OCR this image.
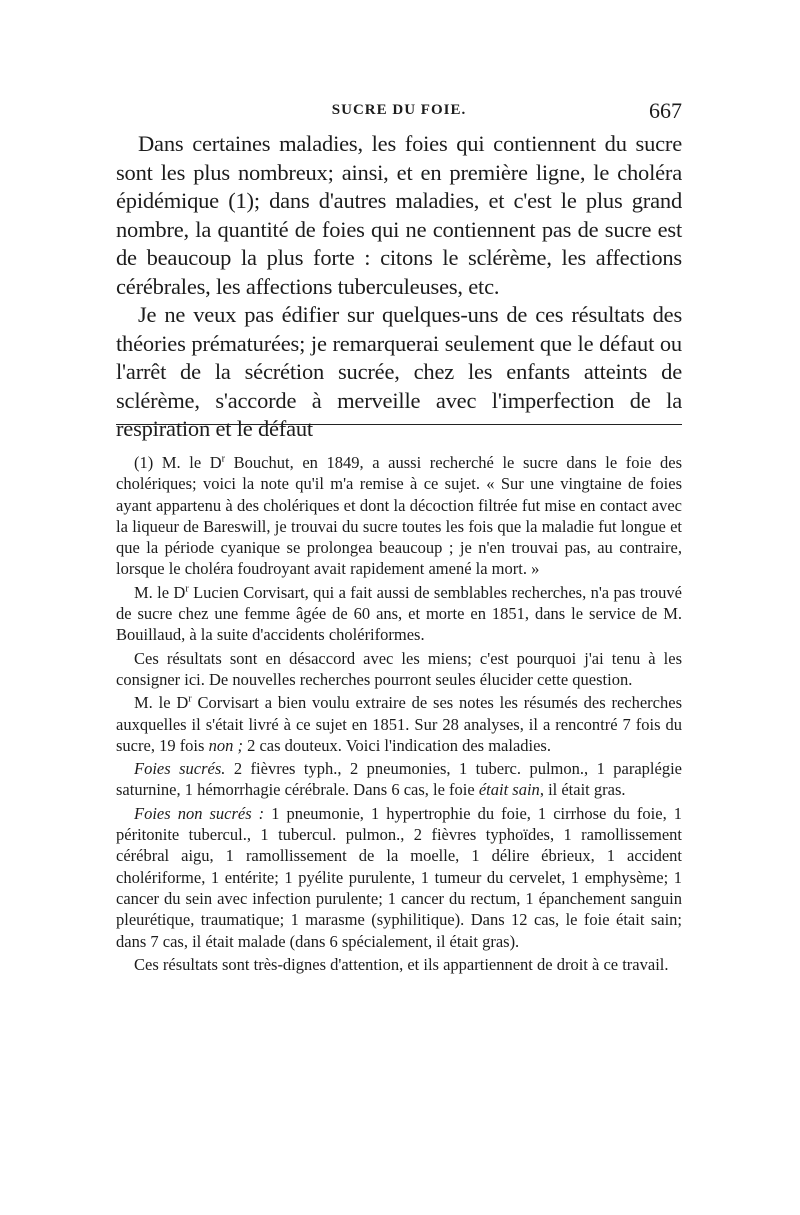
SUCRE DU FOIE.	667

Dans certaines maladies, les foies qui contiennent du sucre sont les plus nombreux; ainsi, et en première ligne, le choléra épidémique (1); dans d'autres maladies, et c'est le plus grand nombre, la quantité de foies qui ne contiennent pas de sucre est de beaucoup la plus forte : citons le sclérème, les affections cérébrales, les affections tuberculeuses, etc.

Je ne veux pas édifier sur quelques-uns de ces résultats des théories prématurées; je remarquerai seulement que le défaut ou l'arrêt de la sécrétion sucrée, chez les enfants atteints de sclérème, s'accorde à merveille avec l'imperfection de la respiration et le défaut

(1) M. le $D^r$ Bouchut, en 1849, a aussi recherché le sucre dans le foie des cholériques; voici la note qu'il m'a remise à ce sujet. « Sur une vingtaine de foies ayant appartenu à des cholériques et dont la décoction filtrée fut mise en contact avec la liqueur de Bareswill, je trouvai du sucre toutes les fois que la maladie fut longue et que la période cyanique se prolongea beaucoup ; je n'en trouvai pas, au contraire, lorsque le choléra foudroyant avait rapidement amené la mort. »

M. le $D^r$ Lucien Corvisart, qui a fait aussi de semblables recherches, n'a pas trouvé de sucre chez une femme âgée de 60 ans, et morte en 1851, dans le service de M. Bouillaud, à la suite d'accidents cholériformes.

Ces résultats sont en désaccord avec les miens; c'est pourquoi j'ai tenu à les consigner ici. De nouvelles recherches pourront seules élucider cette question.

M. le $D^r$ Corvisart a bien voulu extraire de ses notes les résumés des recherches auxquelles il s'était livré à ce sujet en 1851. Sur 28 analyses, il a rencontré 7 fois du sucre, 19 fois non ; 2 cas douteux. Voici l'indication des maladies.

Foies sucrés. 2 fièvres typh., 2 pneumonies, 1 tuberc. pulmon., 1 paraplégie saturnine, 1 hémorrhagie cérébrale. Dans 6 cas, le foie était sain, il était gras.

Foies non sucrés : 1 pneumonie, 1 hypertrophie du foie, 1 cirrhose du foie, 1 péritonite tubercul., 1 tubercul. pulmon., 2 fièvres typhoïdes, 1 ramollissement cérébral aigu, 1 ramollissement de la moelle, 1 délire ébrieux, 1 accident cholériforme, 1 entérite; 1 pyélite purulente, 1 tumeur du cervelet, 1 emphysème; 1 cancer du sein avec infection purulente; 1 cancer du rectum, 1 épanchement sanguin pleurétique, traumatique; 1 marasme (syphilitique). Dans 12 cas, le foie était sain; dans 7 cas, il était malade (dans 6 spécialement, il était gras).

Ces résultats sont très-dignes d'attention, et ils appartiennent de droit à ce travail.
